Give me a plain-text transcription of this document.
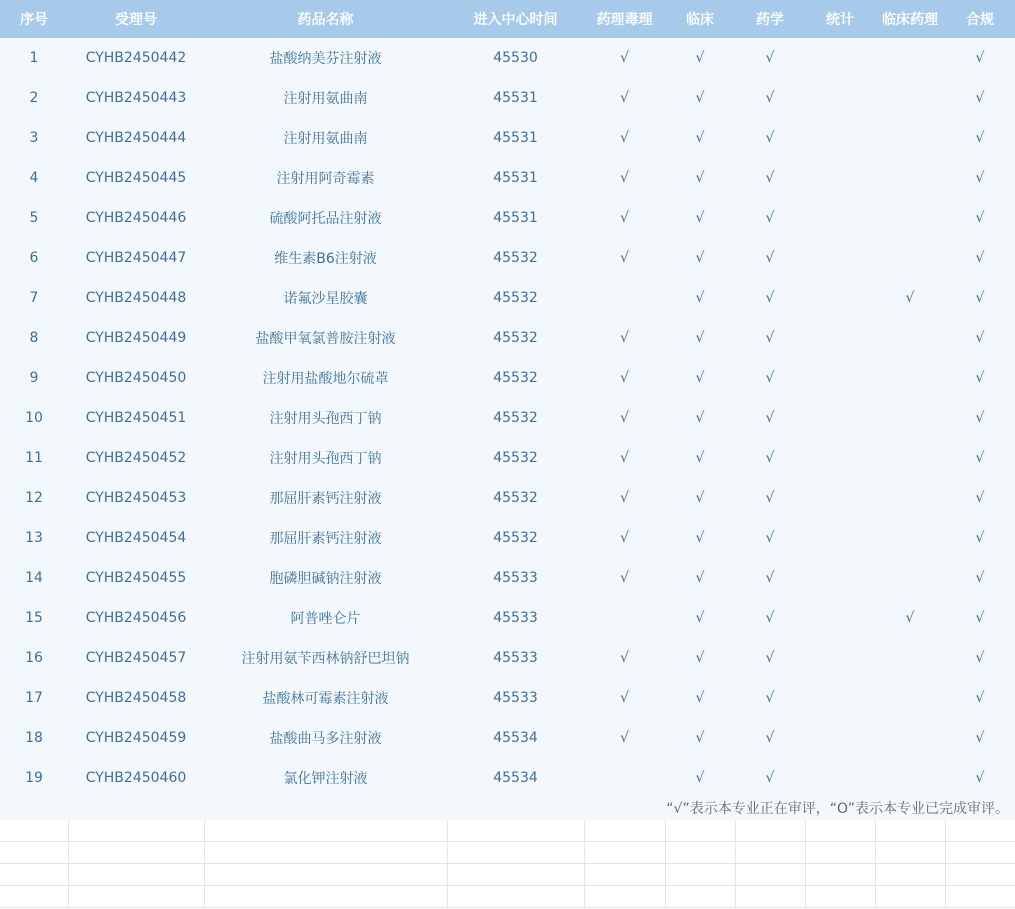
序号	受理号	药品名称	进入中心时间	药理毒理	临床	药学	统计	临床药理	合规
1	CYHB2450442	盐酸纳美芬注射液	45530	√	√	√			√
2	CYHB2450443	注射用氨曲南	45531	√	√	√			√
3	CYHB2450444	注射用氨曲南	45531	√	√	√			√
4	CYHB2450445	注射用阿奇霉素	45531	√	√	√			√
5	CYHB2450446	硫酸阿托品注射液	45531	√	√	√			√
6	CYHB2450447	维生素B6注射液	45532	√	√	√			√
7	CYHB2450448	诺氟沙星胶囊	45532		√	√		√	√
8	CYHB2450449	盐酸甲氧氯普胺注射液	45532	√	√	√			√
9	CYHB2450450	注射用盐酸地尔硫䓬	45532	√	√	√			√
10	CYHB2450451	注射用头孢西丁钠	45532	√	√	√			√
11	CYHB2450452	注射用头孢西丁钠	45532	√	√	√			√
12	CYHB2450453	那屈肝素钙注射液	45532	√	√	√			√
13	CYHB2450454	那屈肝素钙注射液	45532	√	√	√			√
14	CYHB2450455	胞磷胆碱钠注射液	45533	√	√	√			√
15	CYHB2450456	阿普唑仑片	45533		√	√		√	√
16	CYHB2450457	注射用氨苄西林钠舒巴坦钠	45533	√	√	√			√
17	CYHB2450458	盐酸林可霉素注射液	45533	√	√	√			√
18	CYHB2450459	盐酸曲马多注射液	45534	√	√	√			√
19	CYHB2450460	氯化钾注射液	45534		√	√			√
“√”表示本专业正在审评，“O”表示本专业已完成审评。
